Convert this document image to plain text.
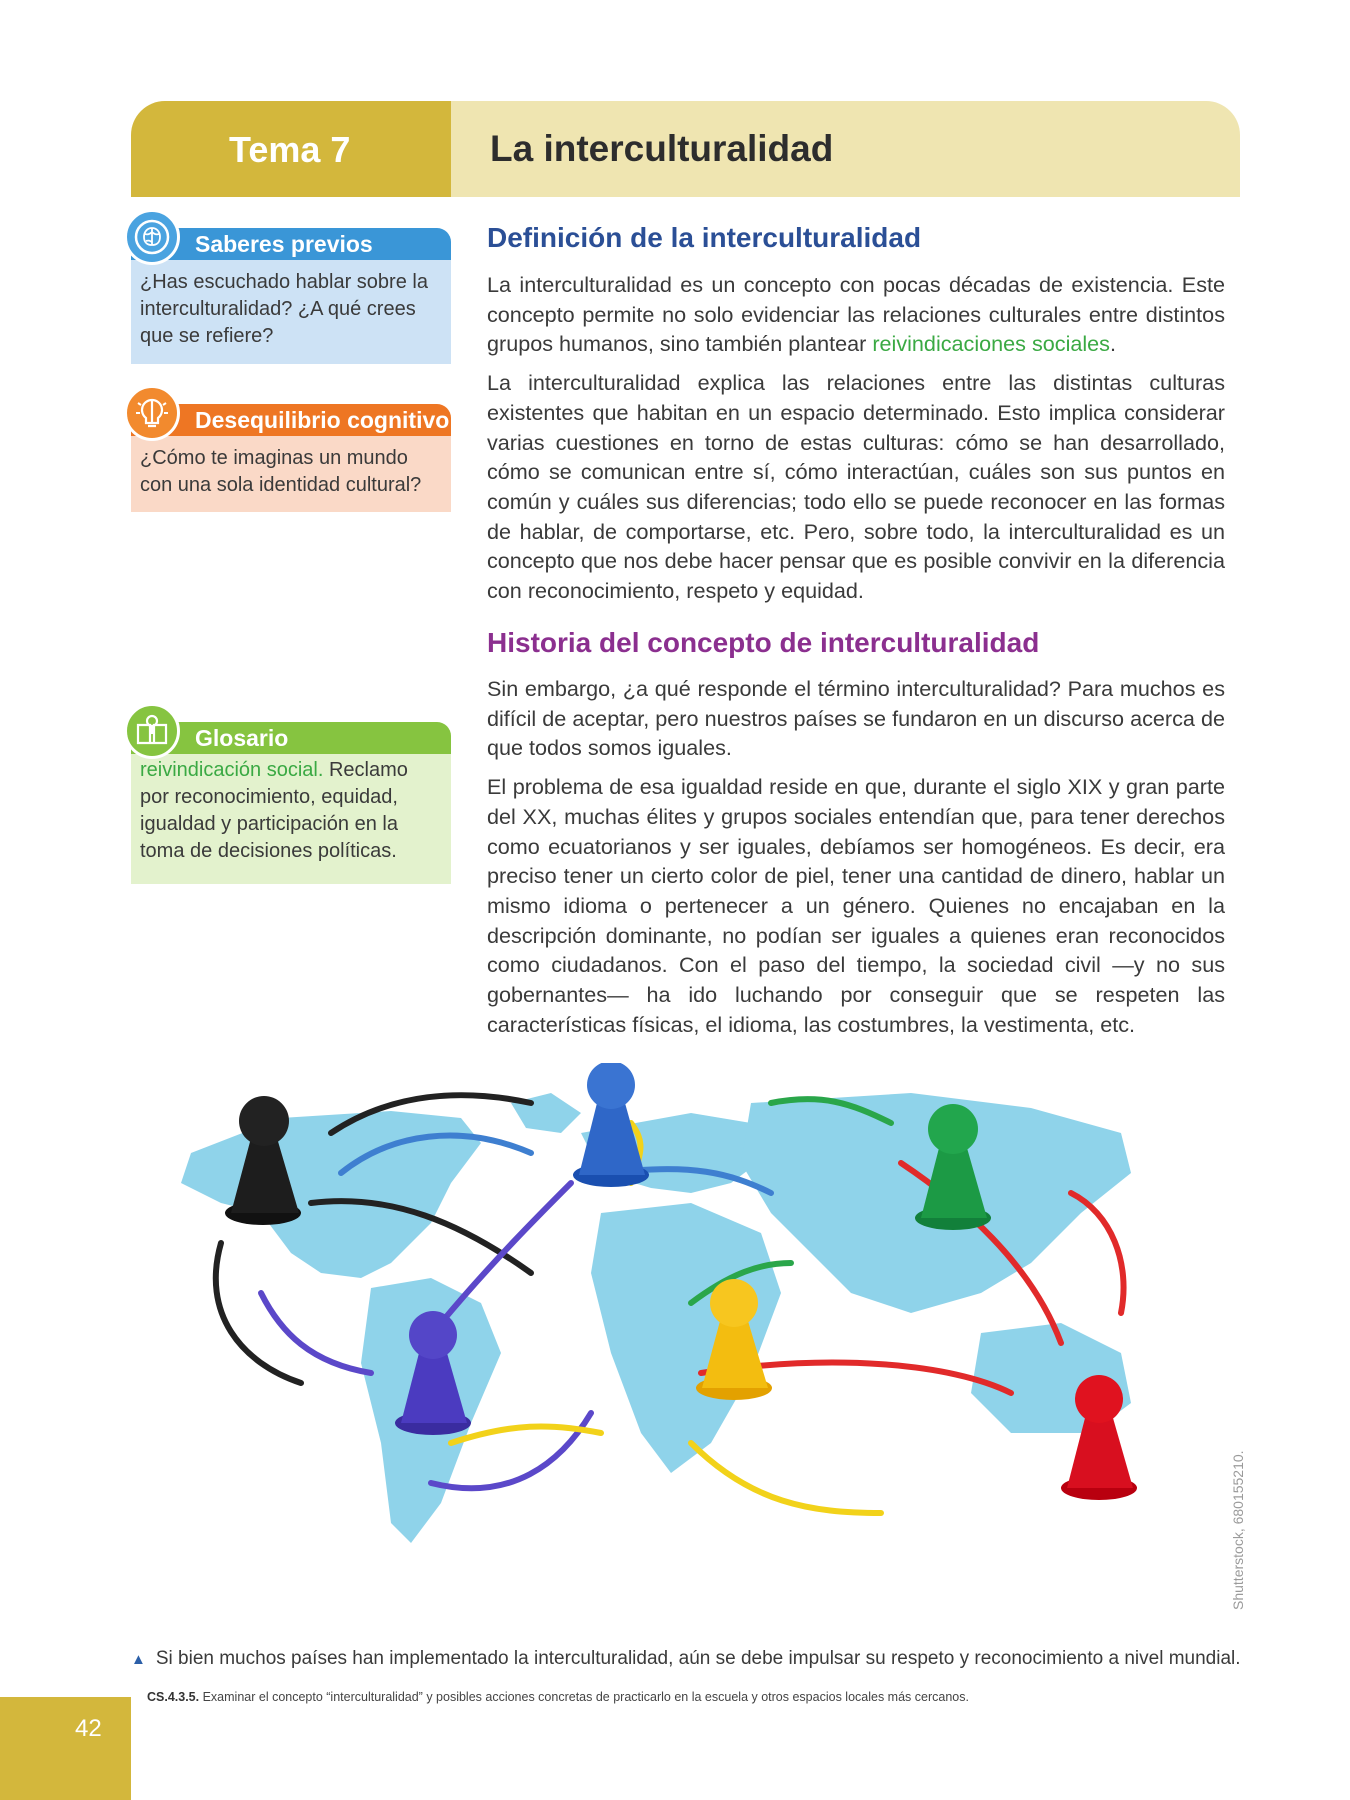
Tema 7	La interculturalidad
Saberes previos

¿Has escuchado hablar sobre la interculturalidad? ¿A qué crees que se refiere?

Desequilibrio cognitivo

¿Cómo te imaginas un mundo con una sola identidad cultural?

Glosario

reivindicación social. Reclamo por reconocimiento, equidad, igualdad y participación en la toma de decisiones políticas.

Definición de la interculturalidad

La interculturalidad es un concepto con pocas décadas de existencia. Este concepto permite no solo evidenciar las relaciones culturales entre distintos grupos humanos, sino también plantear reivindicaciones sociales.

La interculturalidad explica las relaciones entre las distintas culturas existentes que habitan en un espacio determinado. Esto implica considerar varias cuestiones en torno de estas culturas: cómo se han desarrollado, cómo se comunican entre sí, cómo interactúan, cuáles son sus puntos en común y cuáles sus diferencias; todo ello se puede reconocer en las formas de hablar, de comportarse, etc. Pero, sobre todo, la interculturalidad es un concepto que nos debe hacer pensar que es posible convivir en la diferencia con reconocimiento, respeto y equidad.

Historia del concepto de interculturalidad

Sin embargo, ¿a qué responde el término interculturalidad? Para muchos es difícil de aceptar, pero nuestros países se fundaron en un discurso acerca de que todos somos iguales.

El problema de esa igualdad reside en que, durante el siglo XIX y gran parte del XX, muchas élites y grupos sociales entendían que, para tener derechos como ecuatorianos y ser iguales, debíamos ser homogéneos. Es decir, era preciso tener un cierto color de piel, tener una cantidad de dinero, hablar un mismo idioma o pertenecer a un género. Quienes no encajaban en la descripción dominante, no podían ser iguales a quienes eran reconocidos como ciudadanos. Con el paso del tiempo, la sociedad civil —y no sus gobernantes— ha ido luchando por conseguir que se respeten las características físicas, el idioma, las costumbres, la vestimenta, etc.

Shutterstock, 680155210.
▲ Si bien muchos países han implementado la interculturalidad, aún se debe impulsar su respeto y reconocimiento a nivel mundial.
CS.4.3.5. Examinar el concepto “interculturalidad” y posibles acciones concretas de practicarlo en la escuela y otros espacios locales más cercanos.
42
